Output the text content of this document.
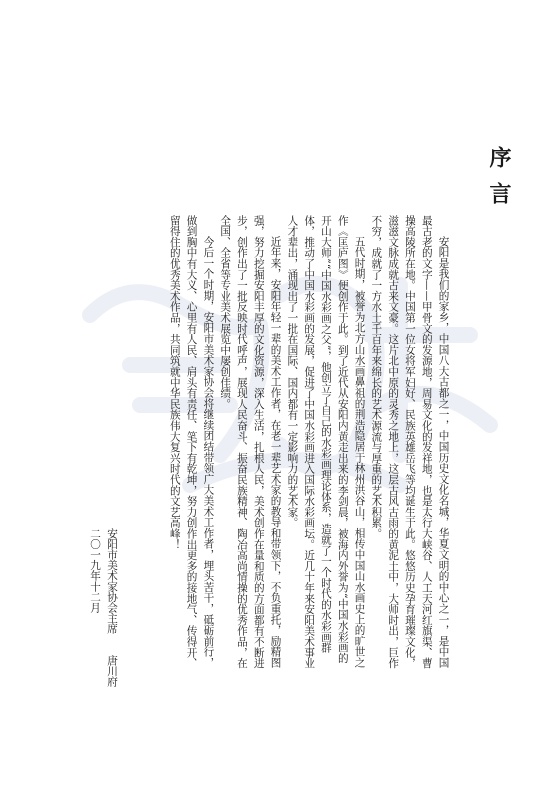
序言

安阳是我们的家乡，中国八大古都之一，中国历史文化名城，华夏文明的中心之一，是中国最古老的文字——甲骨文的发源地，周易文化的发祥地，也是太行大峡谷、人工天河红旗渠、曹操高陵所在地。中国第一位女将军妇好、民族英雄岳飞等均诞生于此。悠悠历史孕育璀璨文化，滋滋文脉成就古来文豪。这片北中原的灵秀之地上，这层古风古雨的黄泥土中，大师时出，巨作不穷，成就了一方水土千百年来绵长的艺术源流与厚重的艺术积累。

五代时期，被誉为北方山水画鼻祖的荆浩隐居于林州洪谷山，相传中国山水画史上的旷世之作《匡庐图》便创作于此。到了近代从安阳内黄走出来的李剑晨，被海内外誉为“中国水彩画的开山大师”“中国水彩画之父”，他创立了自己的水彩画理论体系，造就了一个时代的水彩画群体，推动了中国水彩画的发展，促进了中国水彩画进入国际水彩画坛。近几十年来安阳美术事业人才辈出，涌现出了一批在国际、国内都有一定影响力的艺术家。

近年来，安阳年轻一辈的美术工作者，在老一辈艺术家的教导和带领下，不负重托，励精图强，努力挖掘安阳丰厚的文化资源，深入生活，扎根人民，美术创作在量和质的方面都有不断进步，创作出了一批反映时代呼声，展现人民奋斗、振奋民族精神、陶冶高尚情操的优秀作品，在全国、全省等专业美术展览中屡创佳绩。

今后一个时期，安阳市美术家协会将继续团结带领广大美术工作者，埋头苦干，砥砺前行，做到胸中有大义、心里有人民、肩头有责任、笔下有乾坤，努力创作出更多的接地气、传得开、留得住的优秀美术作品，共同筑就中华民族伟大复兴时代的文艺高峰！

安阳市美术家协会主席　　唐川府
二〇一九年十二月
